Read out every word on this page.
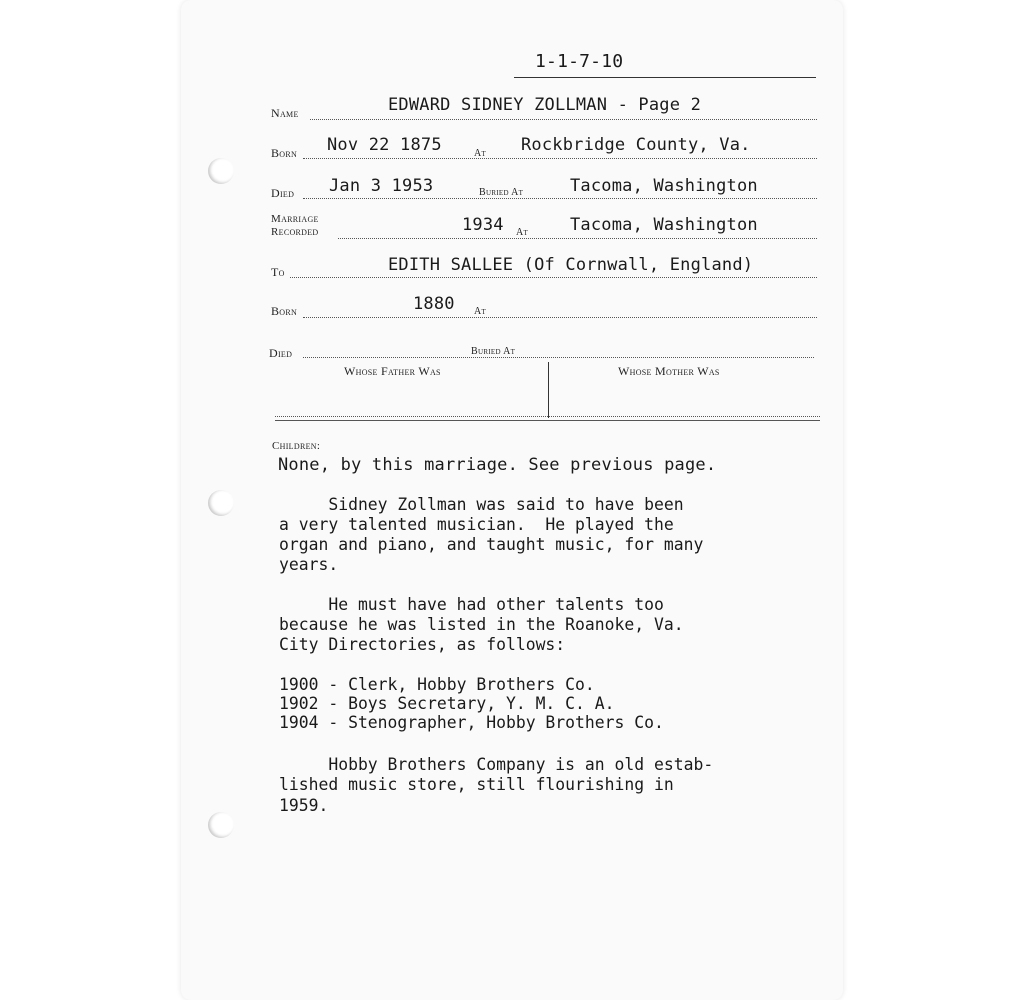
1-1-7-10
Name	EDWARD SIDNEY ZOLLMAN - Page 2
Born Nov 22 1875	At Rockbridge County, Va.
Died Jan 3 1953	Buried At	Tacoma, Washington
Marriage
Recorded	1934 At Tacoma, Washington
To	EDITH SALLEE (Of Cornwall, England)
Born	1880 At
Died	Buried At
Whose Father Was	Whose Mother Was
Children:
None, by this marriage. See previous page.
Sidney Zollman was said to have been
a very talented musician.  He played the
organ and piano, and taught music, for many
years.
He must have had other talents too
because he was listed in the Roanoke, Va.
City Directories, as follows:
1900 - Clerk, Hobby Brothers Co.
1902 - Boys Secretary, Y. M. C. A.
1904 - Stenographer, Hobby Brothers Co.
Hobby Brothers Company is an old estab-
lished music store, still flourishing in
1959.
